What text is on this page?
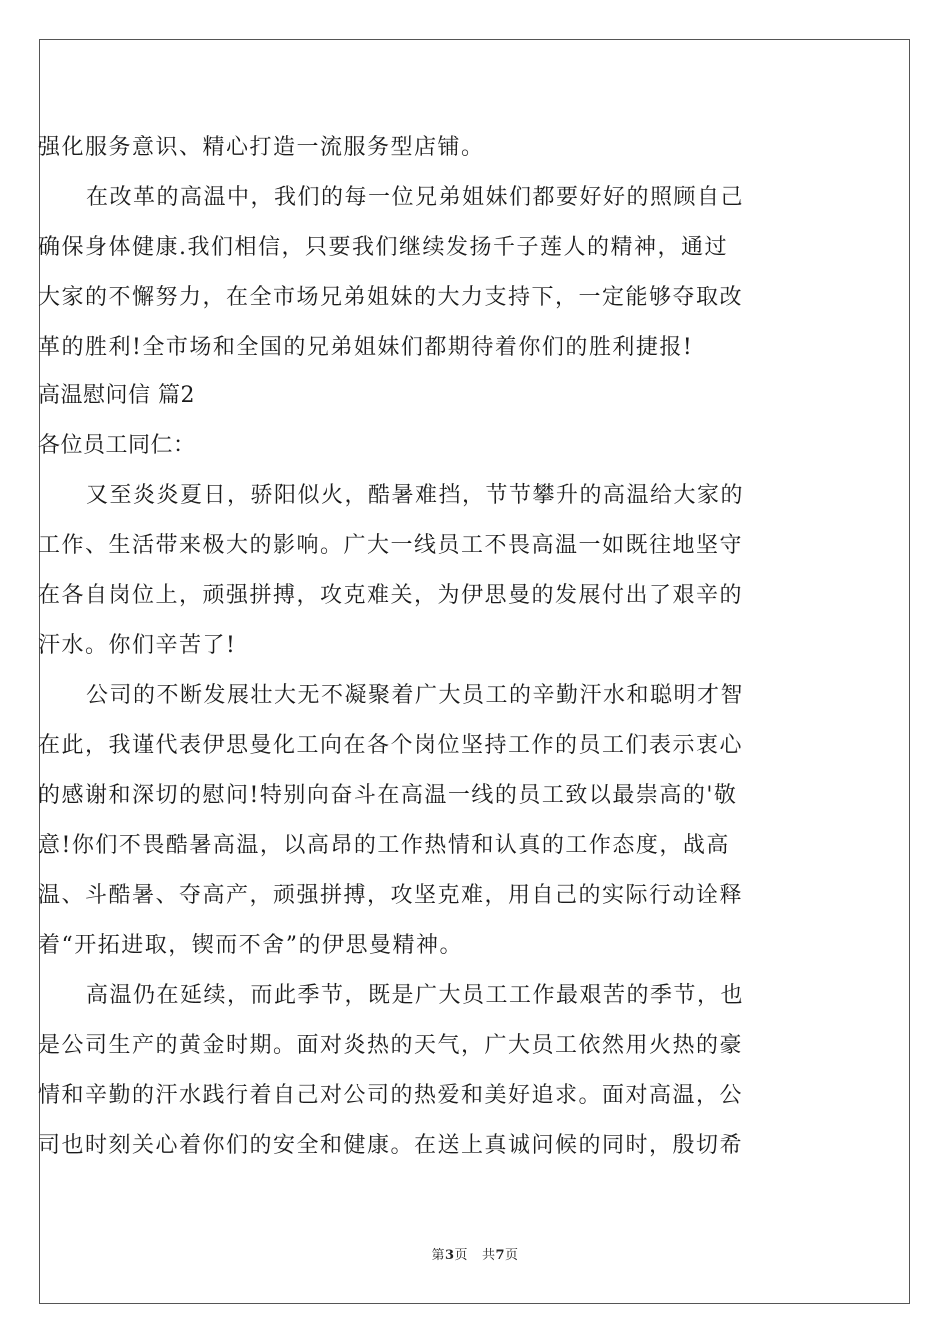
强化服务意识、精心打造一流服务型店铺。
在改革的高温中，我们的每一位兄弟姐妹们都要好好的照顾自己
确保身体健康.我们相信，只要我们继续发扬千子莲人的精神，通过
大家的不懈努力，在全市场兄弟姐妹的大力支持下，一定能够夺取改
革的胜利!全市场和全国的兄弟姐妹们都期待着你们的胜利捷报!
高温慰问信 篇2
各位员工同仁：
又至炎炎夏日，骄阳似火，酷暑难挡，节节攀升的高温给大家的
工作、生活带来极大的影响。广大一线员工不畏高温一如既往地坚守
在各自岗位上，顽强拼搏，攻克难关，为伊思曼的发展付出了艰辛的
汗水。你们辛苦了!
公司的不断发展壮大无不凝聚着广大员工的辛勤汗水和聪明才智
在此，我谨代表伊思曼化工向在各个岗位坚持工作的员工们表示衷心
的感谢和深切的慰问!特别向奋斗在高温一线的员工致以最崇高的'敬
意!你们不畏酷暑高温，以高昂的工作热情和认真的工作态度，战高
温、斗酷暑、夺高产，顽强拼搏，攻坚克难，用自己的实际行动诠释
着“开拓进取，锲而不舍”的伊思曼精神。
高温仍在延续，而此季节，既是广大员工工作最艰苦的季节，也
是公司生产的黄金时期。面对炎热的天气，广大员工依然用火热的豪
情和辛勤的汗水践行着自己对公司的热爱和美好追求。面对高温，公
司也时刻关心着你们的安全和健康。在送上真诚问候的同时，殷切希
第3页 共7页
